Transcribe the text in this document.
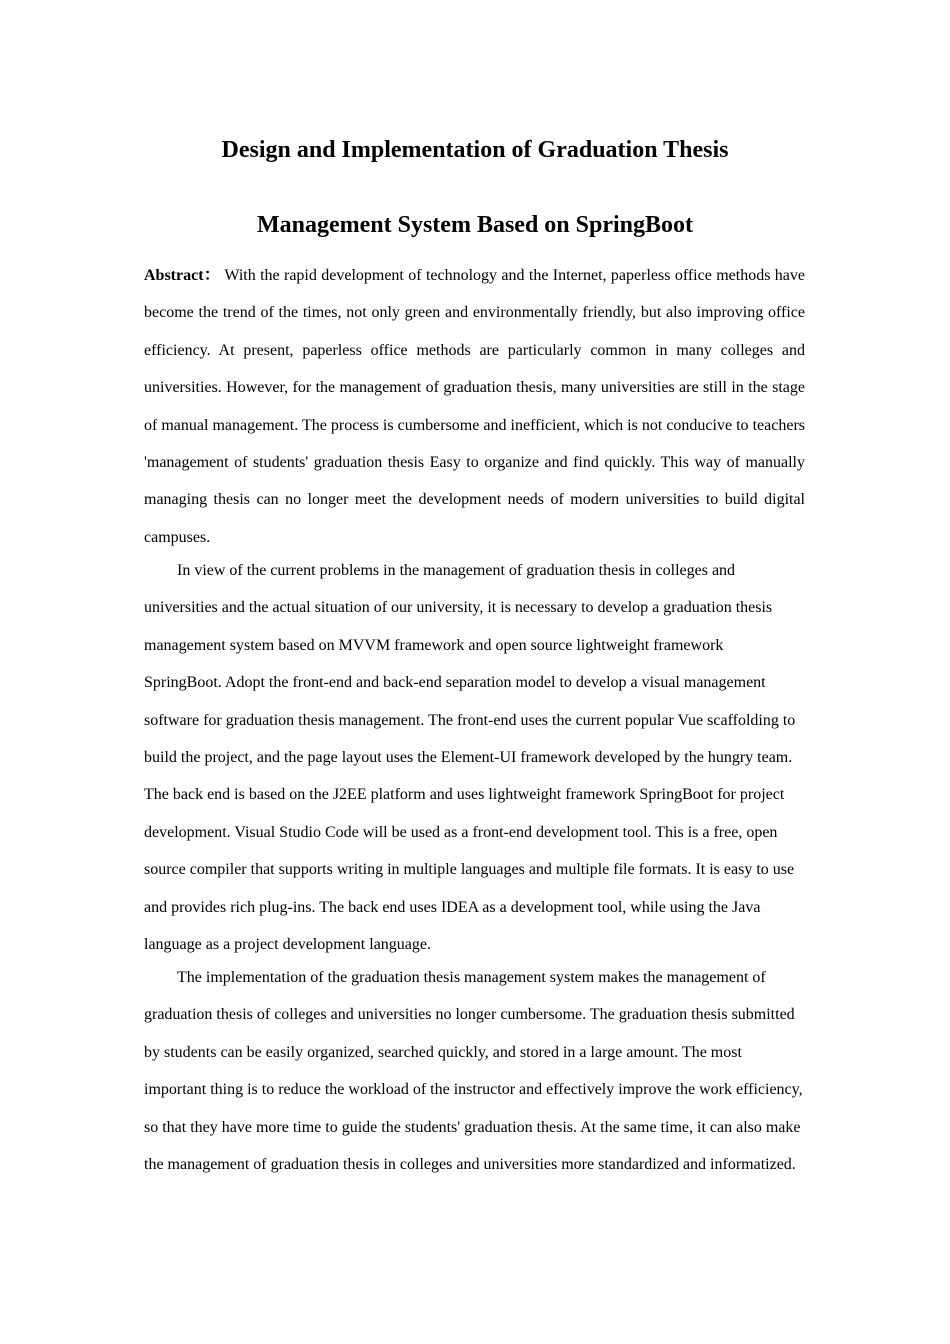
Design and Implementation of Graduation Thesis
Management System Based on SpringBoot

Abstract： With the rapid development of technology and the Internet, paperless office methods have become the trend of the times, not only green and environmentally friendly, but also improving office efficiency. At present, paperless office methods are particularly common in many colleges and universities. However, for the management of graduation thesis, many universities are still in the stage of manual management. The process is cumbersome and inefficient, which is not conducive to teachers 'management of students' graduation thesis Easy to organize and find quickly. This way of manually managing thesis can no longer meet the development needs of modern universities to build digital campuses.

In view of the current problems in the management of graduation thesis in colleges and universities and the actual situation of our university, it is necessary to develop a graduation thesis management system based on MVVM framework and open source lightweight framework SpringBoot. Adopt the front-end and back-end separation model to develop a visual management software for graduation thesis management. The front-end uses the current popular Vue scaffolding to build the project, and the page layout uses the Element-UI framework developed by the hungry team. The back end is based on the J2EE platform and uses lightweight framework SpringBoot for project development. Visual Studio Code will be used as a front-end development tool. This is a free, open source compiler that supports writing in multiple languages and multiple file formats. It is easy to use and provides rich plug-ins. The back end uses IDEA as a development tool, while using the Java language as a project development language.

The implementation of the graduation thesis management system makes the management of graduation thesis of colleges and universities no longer cumbersome. The graduation thesis submitted by students can be easily organized, searched quickly, and stored in a large amount. The most important thing is to reduce the workload of the instructor and effectively improve the work efficiency, so that they have more time to guide the students' graduation thesis. At the same time, it can also make the management of graduation thesis in colleges and universities more standardized and informatized.
